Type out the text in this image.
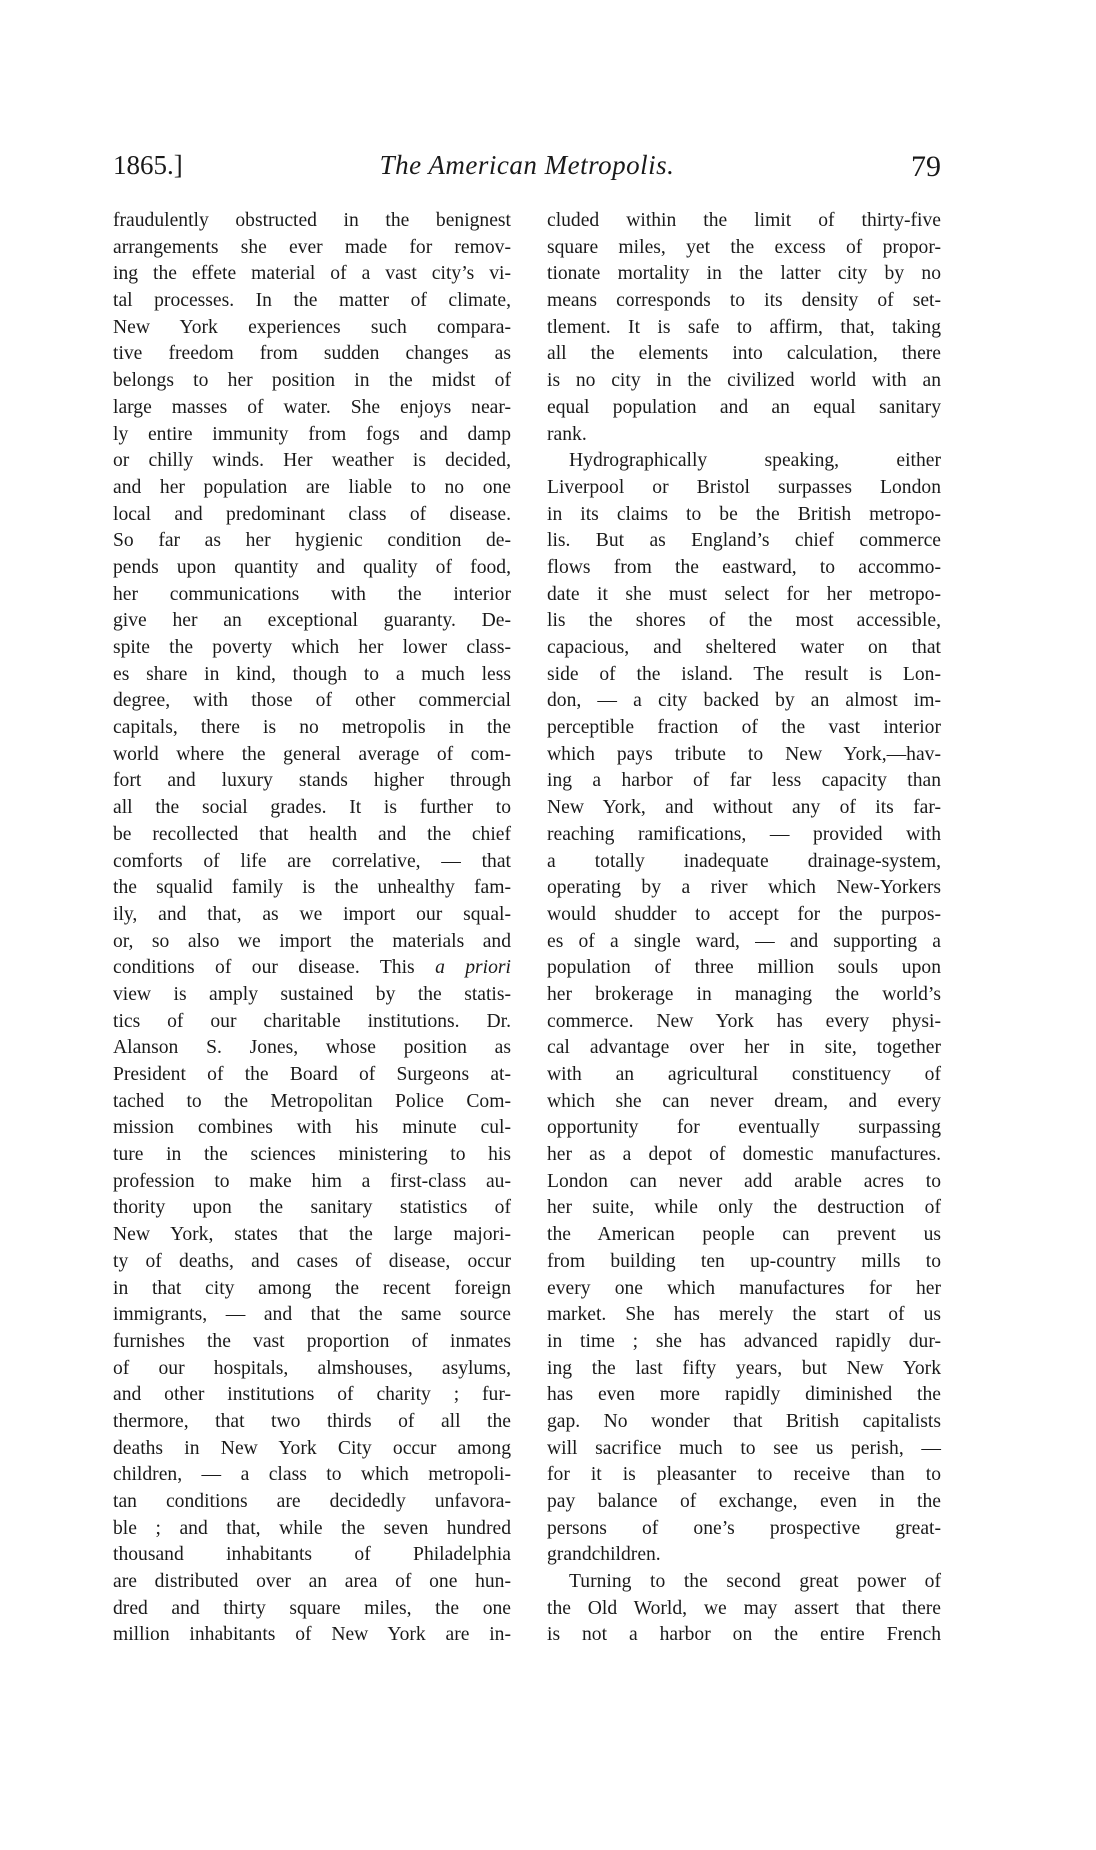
1865.]	The American Metropolis.	79
fraudulently obstructed in the benignest
arrangements she ever made for remov-
ing the effete material of a vast city’s vi-
tal processes. In the matter of climate,
New York experiences such compara-
tive freedom from sudden changes as
belongs to her position in the midst of
large masses of water. She enjoys near-
ly entire immunity from fogs and damp
or chilly winds. Her weather is decided,
and her population are liable to no one
local and predominant class of disease.
So far as her hygienic condition de-
pends upon quantity and quality of food,
her communications with the interior
give her an exceptional guaranty. De-
spite the poverty which her lower class-
es share in kind, though to a much less
degree, with those of other commercial
capitals, there is no metropolis in the
world where the general average of com-
fort and luxury stands higher through
all the social grades. It is further to
be recollected that health and the chief
comforts of life are correlative, — that
the squalid family is the unhealthy fam-
ily, and that, as we import our squal-
or, so also we import the materials and
conditions of our disease. This a priori
view is amply sustained by the statis-
tics of our charitable institutions. Dr.
Alanson S. Jones, whose position as
President of the Board of Surgeons at-
tached to the Metropolitan Police Com-
mission combines with his minute cul-
ture in the sciences ministering to his
profession to make him a first-class au-
thority upon the sanitary statistics of
New York, states that the large majori-
ty of deaths, and cases of disease, occur
in that city among the recent foreign
immigrants, — and that the same source
furnishes the vast proportion of inmates
of our hospitals, almshouses, asylums,
and other institutions of charity ; fur-
thermore, that two thirds of all the
deaths in New York City occur among
children, — a class to which metropoli-
tan conditions are decidedly unfavora-
ble ; and that, while the seven hundred
thousand inhabitants of Philadelphia
are distributed over an area of one hun-
dred and thirty square miles, the one
million inhabitants of New York are in-
cluded within the limit of thirty-five
square miles, yet the excess of propor-
tionate mortality in the latter city by no
means corresponds to its density of set-
tlement. It is safe to affirm, that, taking
all the elements into calculation, there
is no city in the civilized world with an
equal population and an equal sanitary
rank.
Hydrographically speaking, either
Liverpool or Bristol surpasses London
in its claims to be the British metropo-
lis. But as England’s chief commerce
flows from the eastward, to accommo-
date it she must select for her metropo-
lis the shores of the most accessible,
capacious, and sheltered water on that
side of the island. The result is Lon-
don, — a city backed by an almost im-
perceptible fraction of the vast interior
which pays tribute to New York,—hav-
ing a harbor of far less capacity than
New York, and without any of its far-
reaching ramifications, — provided with
a totally inadequate drainage-system,
operating by a river which New-Yorkers
would shudder to accept for the purpos-
es of a single ward, — and supporting a
population of three million souls upon
her brokerage in managing the world’s
commerce. New York has every physi-
cal advantage over her in site, together
with an agricultural constituency of
which she can never dream, and every
opportunity for eventually surpassing
her as a depot of domestic manufactures.
London can never add arable acres to
her suite, while only the destruction of
the American people can prevent us
from building ten up-country mills to
every one which manufactures for her
market. She has merely the start of us
in time ; she has advanced rapidly dur-
ing the last fifty years, but New York
has even more rapidly diminished the
gap. No wonder that British capitalists
will sacrifice much to see us perish, —
for it is pleasanter to receive than to
pay balance of exchange, even in the
persons of one’s prospective great-
grandchildren.
Turning to the second great power of
the Old World, we may assert that there
is not a harbor on the entire French
